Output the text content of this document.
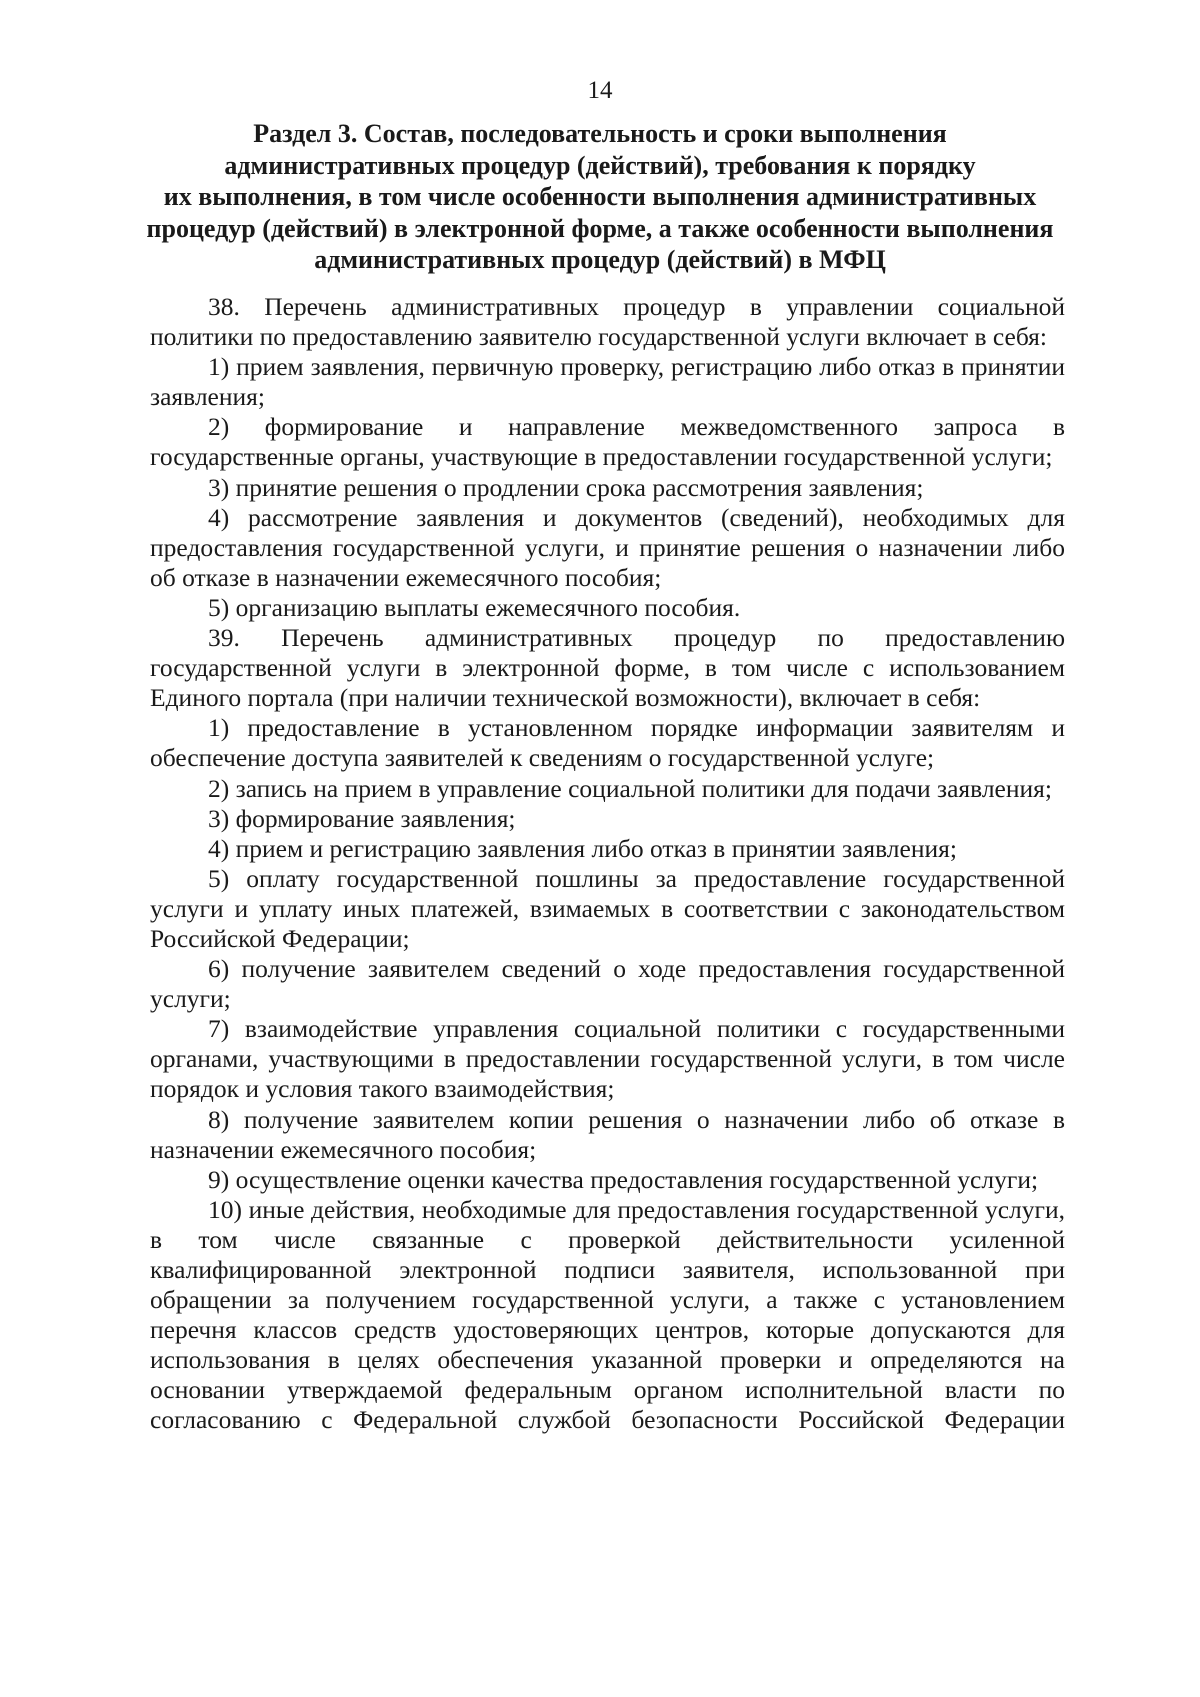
14
Раздел 3. Состав, последовательность и сроки выполнения
административных процедур (действий), требования к порядку
их выполнения, в том числе особенности выполнения административных
процедур (действий) в электронной форме, а также особенности выполнения
административных процедур (действий) в МФЦ

38. Перечень административных процедур в управлении социальной политики по предоставлению заявителю государственной услуги включает в себя:

1) прием заявления, первичную проверку, регистрацию либо отказ в принятии заявления;

2) формирование и направление межведомственного запроса в государственные органы, участвующие в предоставлении государственной услуги;

3) принятие решения о продлении срока рассмотрения заявления;

4) рассмотрение заявления и документов (сведений), необходимых для предоставления государственной услуги, и принятие решения о назначении либо об отказе в назначении ежемесячного пособия;

5) организацию выплаты ежемесячного пособия.

39. Перечень административных процедур по предоставлению государственной услуги в электронной форме, в том числе с использованием Единого портала (при наличии технической возможности), включает в себя:

1) предоставление в установленном порядке информации заявителям и обеспечение доступа заявителей к сведениям о государственной услуге;

2) запись на прием в управление социальной политики для подачи заявления;

3) формирование заявления;

4) прием и регистрацию заявления либо отказ в принятии заявления;

5) оплату государственной пошлины за предоставление государственной услуги и уплату иных платежей, взимаемых в соответствии с законодательством Российской Федерации;

6) получение заявителем сведений о ходе предоставления государственной услуги;

7) взаимодействие управления социальной политики с государственными органами, участвующими в предоставлении государственной услуги, в том числе порядок и условия такого взаимодействия;

8) получение заявителем копии решения о назначении либо об отказе в назначении ежемесячного пособия;

9) осуществление оценки качества предоставления государственной услуги;

10) иные действия, необходимые для предоставления государственной услуги, в том числе связанные с проверкой действительности усиленной квалифицированной электронной подписи заявителя, использованной при обращении за получением государственной услуги, а также с установлением перечня классов средств удостоверяющих центров, которые допускаются для использования в целях обеспечения указанной проверки и определяются на основании утверждаемой федеральным органом исполнительной власти по согласованию с Федеральной службой безопасности Российской Федерации
